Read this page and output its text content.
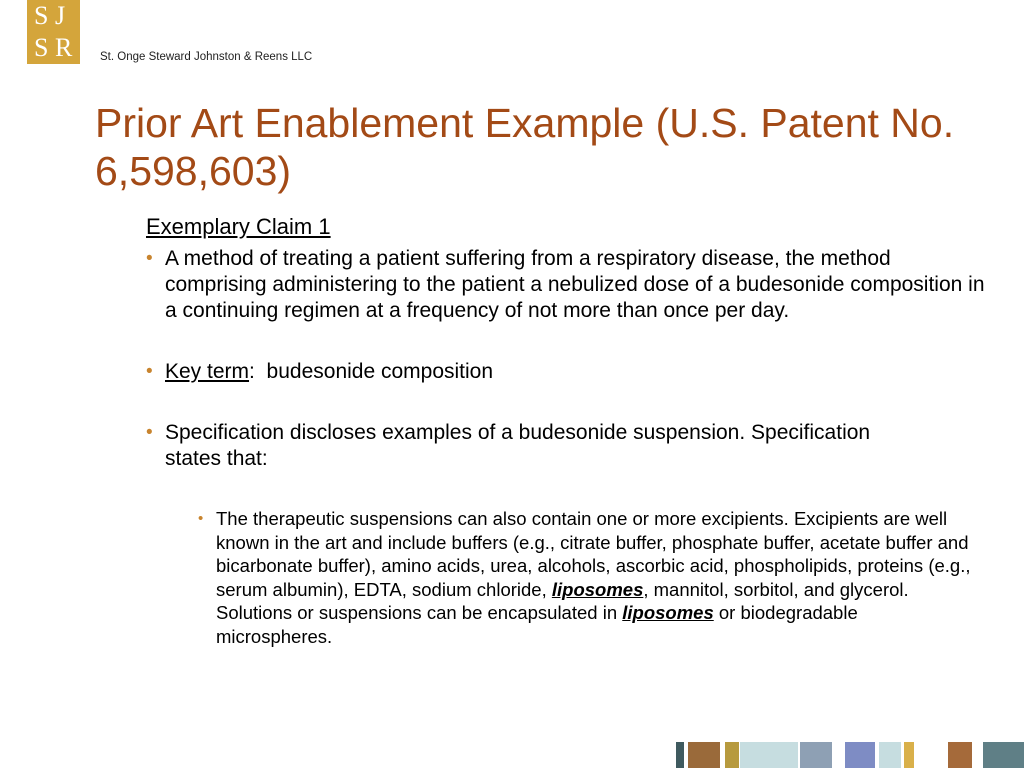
S J
S R St. Onge Steward Johnston & Reens LLC
Prior Art Enablement Example (U.S. Patent No. 6,598,603)
Exemplary Claim 1
• A method of treating a patient suffering from a respiratory disease, the method comprising administering to the patient a nebulized dose of a budesonide composition in a continuing regimen at a frequency of not more than once per day.
• Key term:  budesonide composition
• Specification discloses examples of a budesonide suspension. Specification states that:
• The therapeutic suspensions can also contain one or more excipients. Excipients are well known in the art and include buffers (e.g., citrate buffer, phosphate buffer, acetate buffer and bicarbonate buffer), amino acids, urea, alcohols, ascorbic acid, phospholipids, proteins (e.g., serum albumin), EDTA, sodium chloride, liposomes, mannitol, sorbitol, and glycerol. Solutions or suspensions can be encapsulated in liposomes or biodegradable microspheres.
